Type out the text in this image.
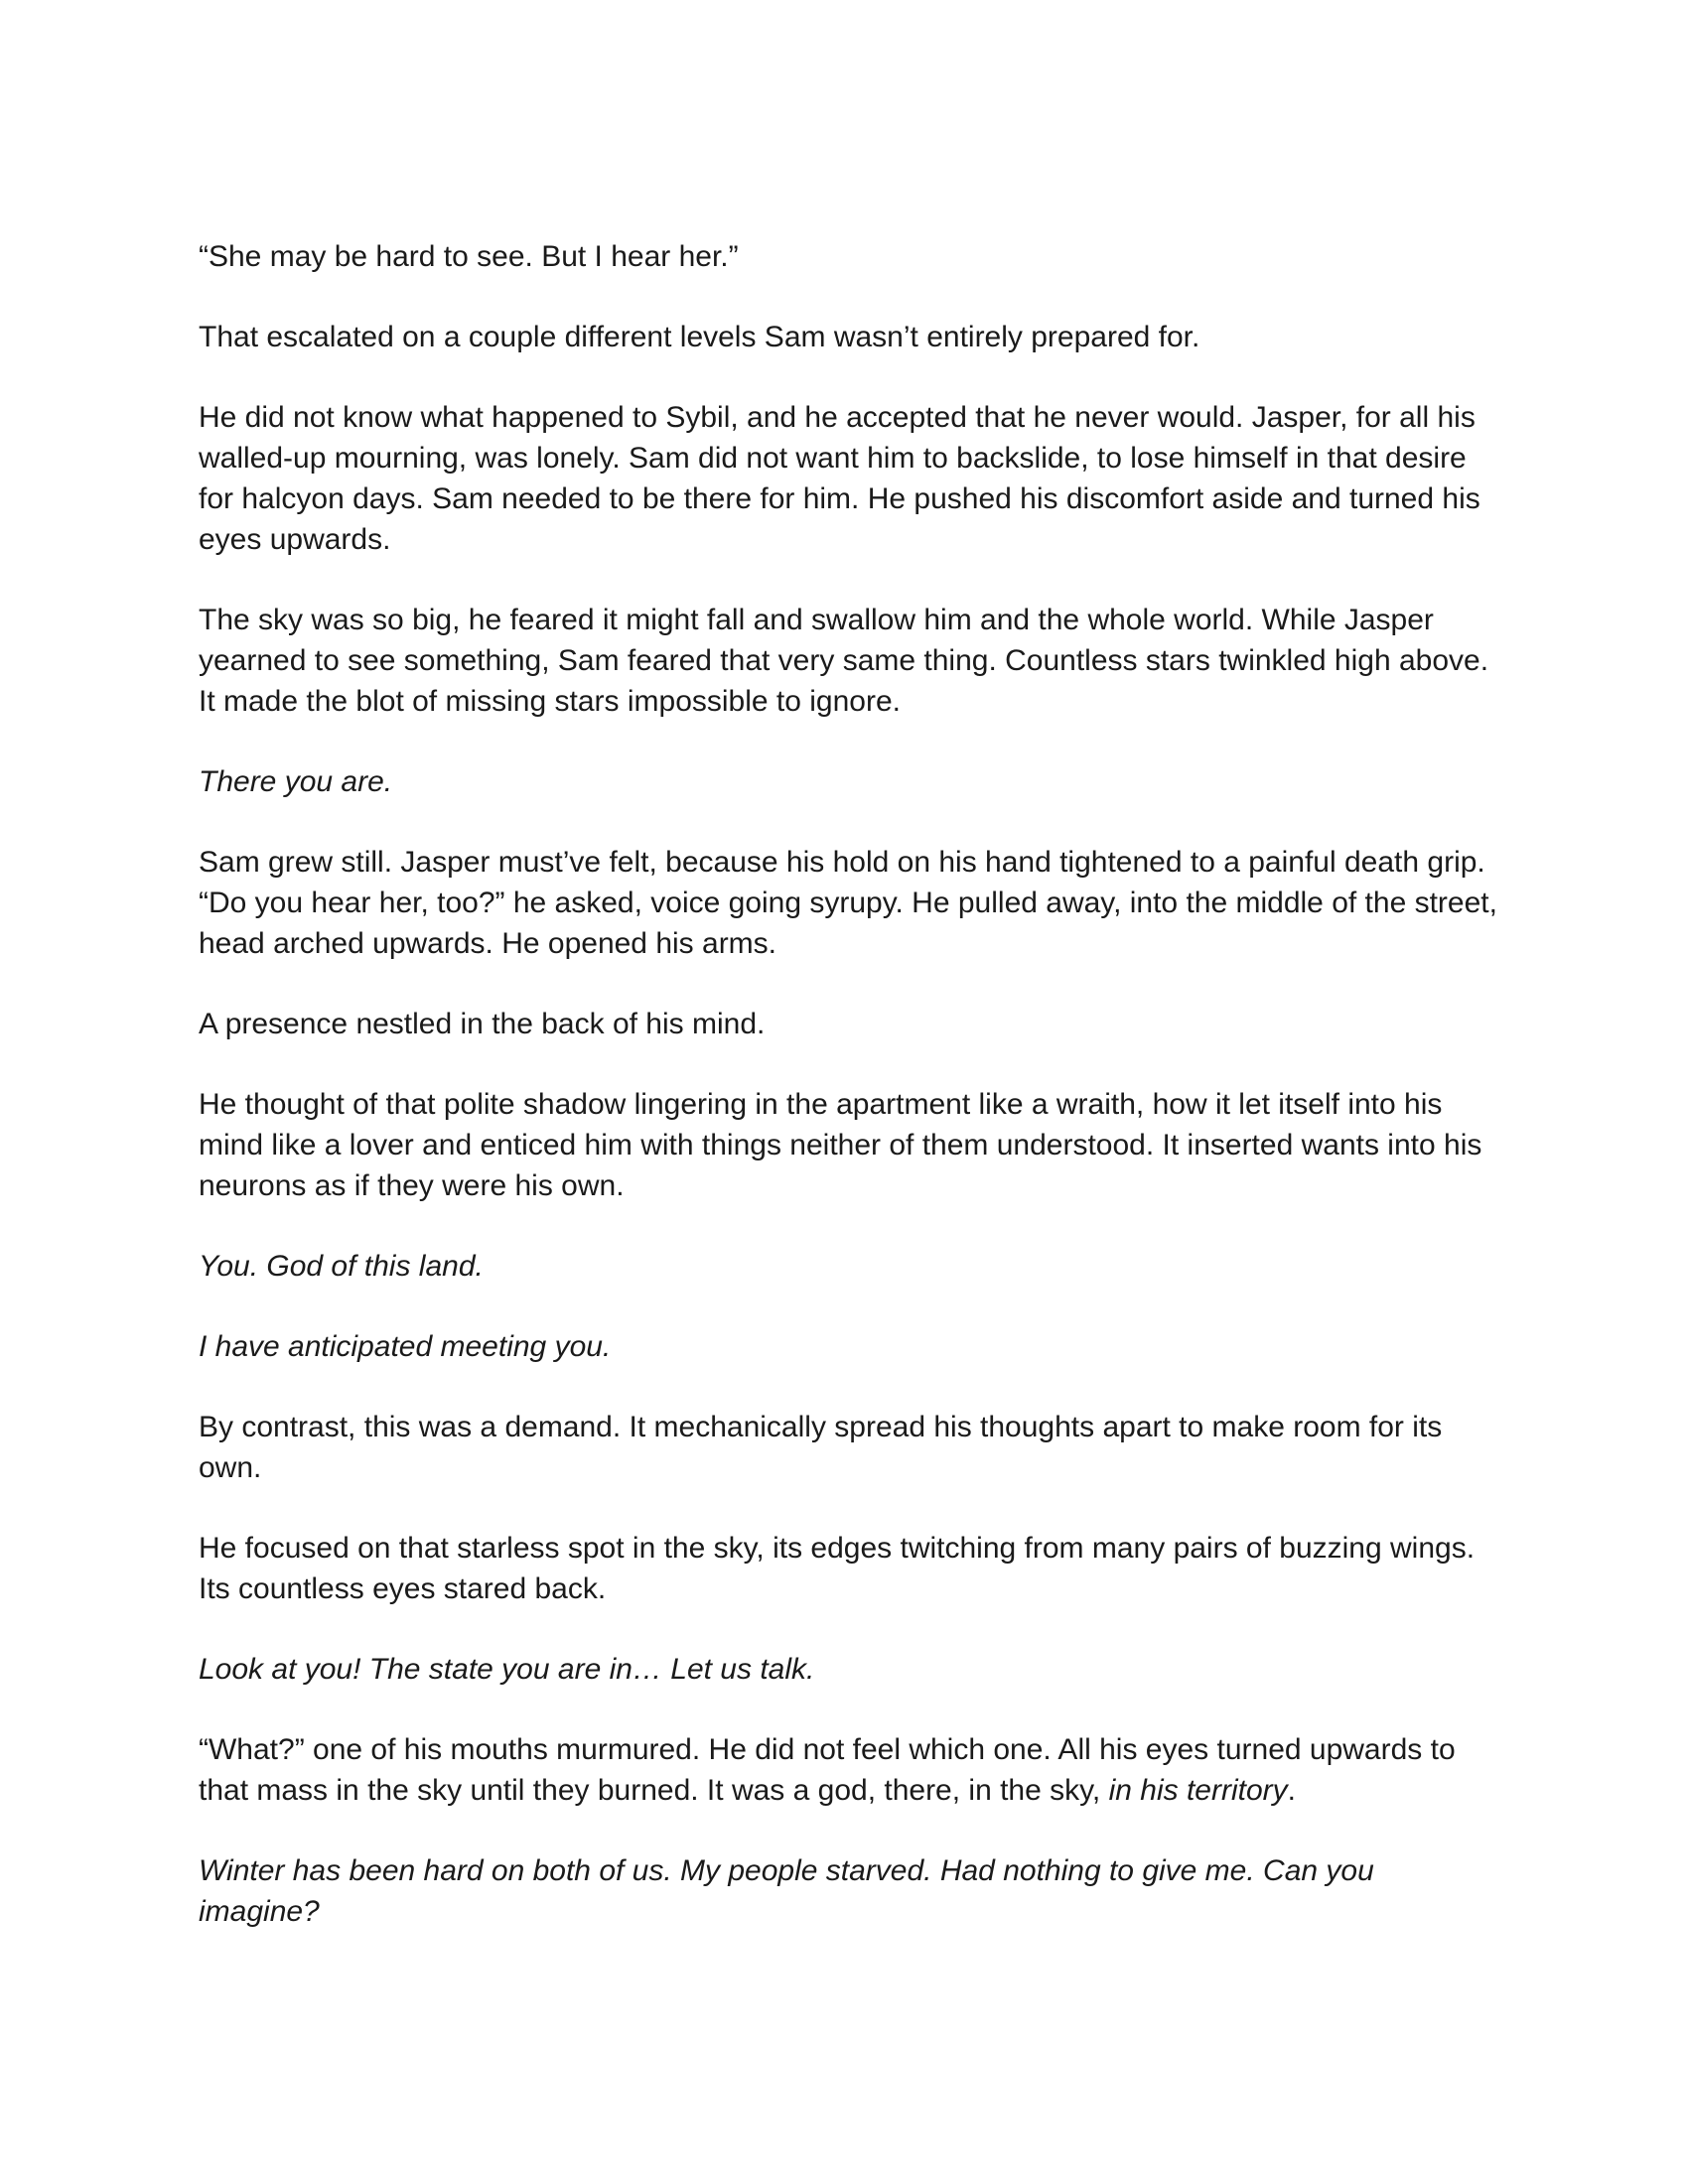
“She may be hard to see. But I hear her.”

That escalated on a couple different levels Sam wasn’t entirely prepared for.

He did not know what happened to Sybil, and he accepted that he never would. Jasper, for all his walled-up mourning, was lonely. Sam did not want him to backslide, to lose himself in that desire for halcyon days. Sam needed to be there for him. He pushed his discomfort aside and turned his eyes upwards.

The sky was so big, he feared it might fall and swallow him and the whole world. While Jasper yearned to see something, Sam feared that very same thing. Countless stars twinkled high above. It made the blot of missing stars impossible to ignore.

There you are.

Sam grew still. Jasper must’ve felt, because his hold on his hand tightened to a painful death grip. “Do you hear her, too?” he asked, voice going syrupy. He pulled away, into the middle of the street, head arched upwards. He opened his arms.

A presence nestled in the back of his mind.

He thought of that polite shadow lingering in the apartment like a wraith, how it let itself into his mind like a lover and enticed him with things neither of them understood. It inserted wants into his neurons as if they were his own.

You. God of this land.

I have anticipated meeting you.

By contrast, this was a demand. It mechanically spread his thoughts apart to make room for its own.

He focused on that starless spot in the sky, its edges twitching from many pairs of buzzing wings. Its countless eyes stared back.

Look at you! The state you are in… Let us talk.

“What?” one of his mouths murmured. He did not feel which one. All his eyes turned upwards to that mass in the sky until they burned. It was a god, there, in the sky, in his territory.

Winter has been hard on both of us. My people starved. Had nothing to give me. Can you imagine?
